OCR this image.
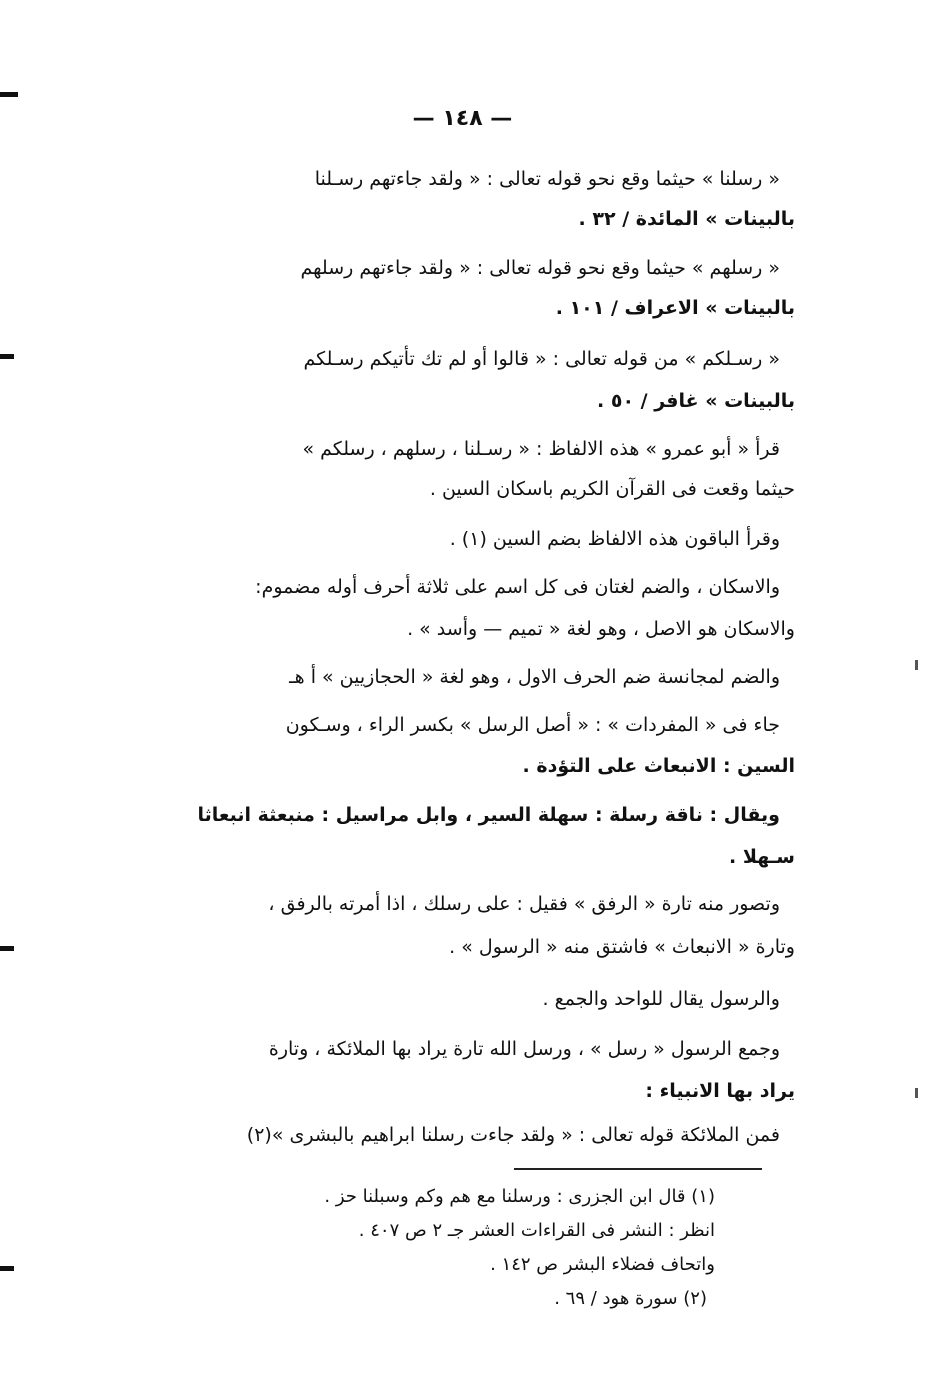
— ١٤٨ —
« رسلنا » حيثما وقع نحو قوله تعالى : « ولقد جاءتهم رسـلنا
بالبينات » المائدة / ٣٢ .
« رسلهم » حيثما وقع نحو قوله تعالى : « ولقد جاءتهم رسلهم
بالبينات » الاعراف / ١٠١ .
« رسـلكم » من قوله تعالى : « قالوا أو لم تك تأتيكم رسـلكم
بالبينات » غافر / ٥٠ .
قرأ « أبو عمرو » هذه الالفاظ : « رسـلنا ، رسلهم ، رسلكم »
حيثما وقعت فى القرآن الكريم باسكان السين .
وقرأ الباقون هذه الالفاظ بضم السين (١) .
والاسكان ، والضم لغتان فى كل اسم على ثلاثة أحرف أوله مضموم:
والاسكان هو الاصل ، وهو لغة « تميم — وأسد » .
والضم لمجانسة ضم الحرف الاول ، وهو لغة « الحجازيين » أ هـ
جاء فى « المفردات » : « أصل الرسل » بكسر الراء ، وسـكون
السين : الانبعاث على التؤدة .
ويقال : ناقة رسلة : سهلة السير ، وابل مراسيل : منبعثة انبعاثا
سـهلا .
وتصور منه تارة « الرفق » فقيل : على رسلك ، اذا أمرته بالرفق ،
وتارة « الانبعاث » فاشتق منه « الرسول » .
والرسول يقال للواحد والجمع .
وجمع الرسول « رسل » ، ورسل الله تارة يراد بها الملائكة ، وتارة
يراد بها الانبياء :
فمن الملائكة قوله تعالى : « ولقد جاءت رسلنا ابراهيم بالبشرى »(٢)
(١) قال ابن الجزرى : ورسلنا مع هم وكم وسبلنا حز .
انظر : النشر فى القراءات العشر جـ ٢ ص ٤٠٧ .
واتحاف فضلاء البشر ص ١٤٢ .
(٢) سورة هود / ٦٩ .
